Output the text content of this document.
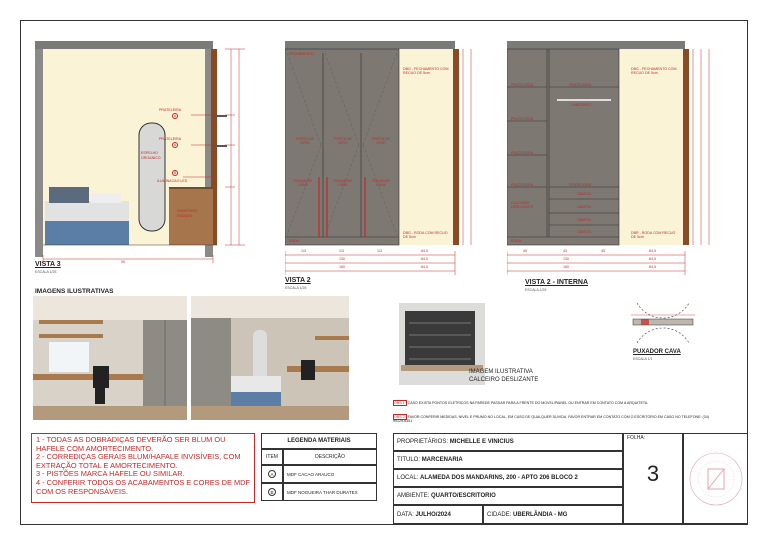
PRATELEIRA
A
PRATELEIRA
A
ESPELHO
ORGANICO
B
ILUMINACAO LED
GAVETEIRO
RODIZIO
90
VISTA 3
ESCALA 1/25
FECHAMENTO
DBG - FECHAMENTO COM RECUO DE 5cm
PORTA DE GIRO
PORTA DE GIRO
PORTA DE GIRO
PUXADOR CAVA
PUXADOR CAVA
PUXADOR CAVA
RODA
DBG - RODA COM RECUO DE 5cm
1/3	1/3	1/3	84,5
130	84,5
160	84,5
VISTA 2
ESCALA 1/25
PRATELEIRA
PRATELEIRA
PRATELEIRA
PRATELEIRA
CALCEIRO DESLIZANTE
PRATELEIRA
CABIDEIRO
PRATELEIRA
GAVETA
GAVETA
GAVETA
GAVETA
DBG - FECHAMENTO COM RECUO DE 5cm
DBR - RODA COM RECUO DE 5cm
RODA
45	43	45	84,5
130	84,5
160	84,5
VISTA 2 - INTERNA
ESCALA 1/25
IMAGENS ILUSTRATIVAS
IMAGEM ILUSTRATIVA
CALCEIRO DESLIZANTE
PUXADOR CAVA
ESCALA 1/1
OBS 1: CASO EXISTA PONTOS ELETRICOS NA PAREDE PASSAR PARA A FRENTE DO MOVEL/PAINEL OU ENTRAR EM CONTATO COM A ARQUITETA.
OBS 2: FAVOR CONFERIR MEDIDAS, NIVEL E PRUMO NO LOCAL, EM CASO DE QUALQUER DUVIDA, FAVOR ENTRAR EM CONTATO COM O ESCRITORIO EM CASO NO TELEFONE: (34) 99129-6351
1 - TODAS AS DOBRADIÇAS DEVERÃO SER BLUM OU HAFELE COM AMORTECIMENTO.
2 - CORREDIÇAS GERAIS BLUM/HAFALE INVISÍVEIS, COM EXTRAÇÃO TOTAL E AMORTECIMENTO.
3 - PISTÕES MARCA HAFELE OU SIMILAR.
4 - CONFERIR TODOS OS ACABAMENTOS E CORES DE MDF COM OS RESPONSÁVEIS.
LEGENDA MATERIAIS
ITEM	DESCRIÇÃO
A	MDF CACAO ARAUCO
B	MDF NOGUEIRA THAR DURATEX
PROPRIETÁRIOS:
MICHELLE E VINICIUS
TITULO:
MARCENARIA
LOCAL:
ALAMEDA DOS MANDARINS, 200 - APTO 206 BLOCO 2
AMBIENTE:
QUARTO/ESCRITORIO
DATA:
JULHO/2024	CIDADE:
UBERLÂNDIA - MG
FOLHA:
3
